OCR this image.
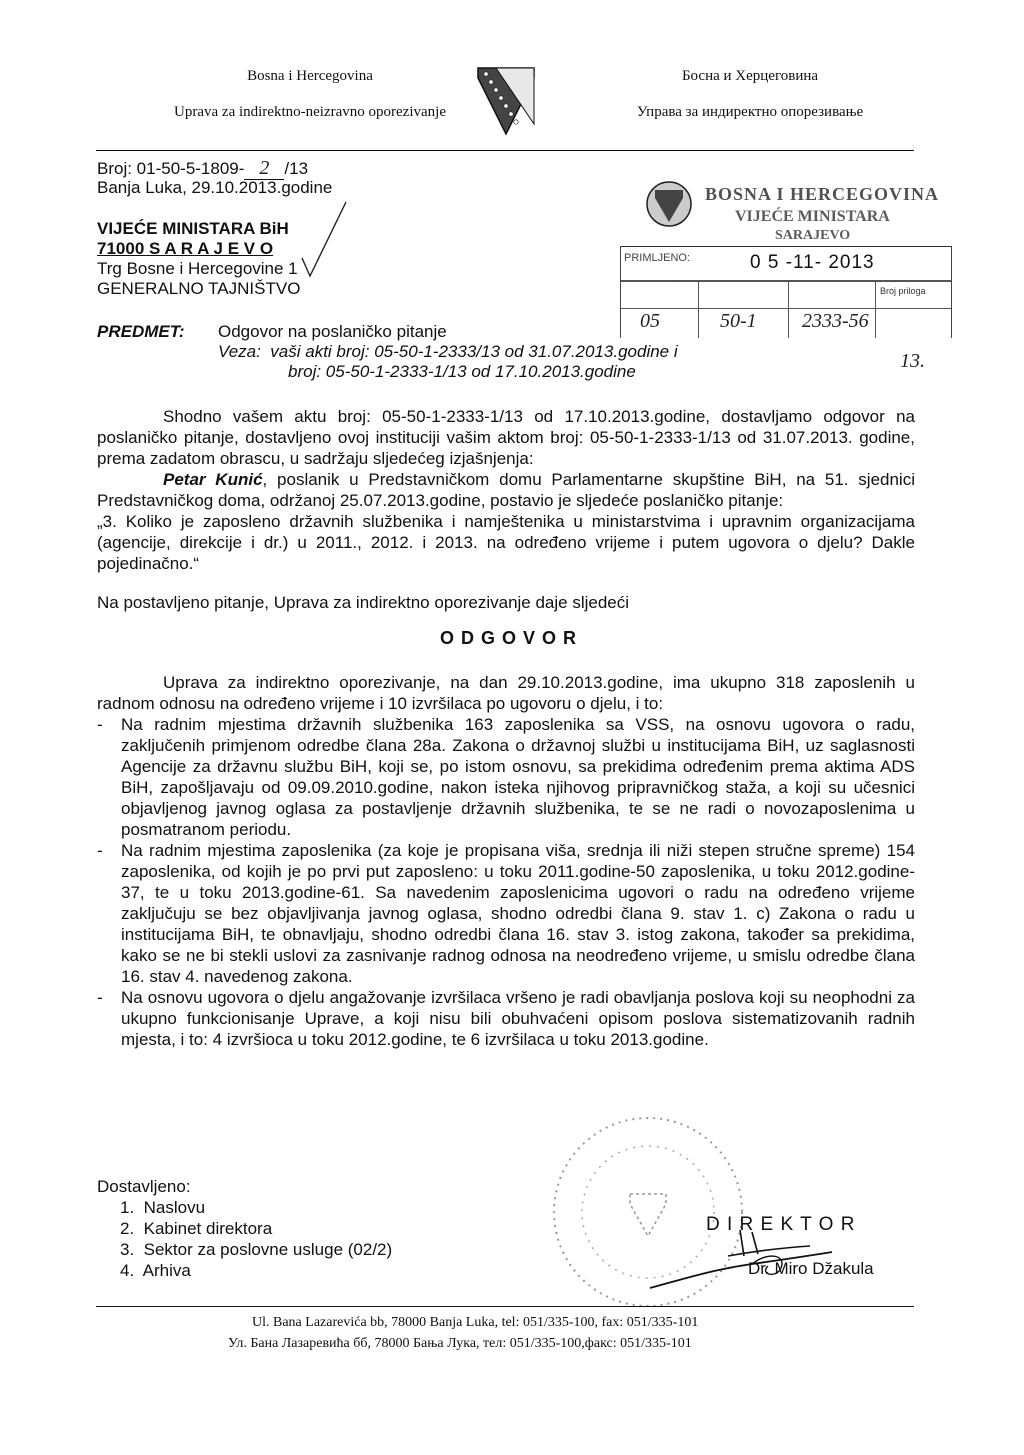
Bosna i Hercegovina
Uprava za indirektno-neizravno oporezivanje
Босна и Херцеговина
Управа за индиректно опорезивање
Broj: 01-50-5-1809- 2 /13
Banja Luka, 29.10.2013.godine
VIJEĆE MINISTARA BiH
71000 S A R A J E V O
Trg Bosne i Hercegovine 1
GENERALNO TAJNIŠTVO
BOSNA I HERCEGOVINA
VIJEĆE MINISTARA
SARAJEVO
PRIMLJENO:	0 5 -11- 2013
Broj priloga
05	50-1 2333-56
13.
PREDMET: Odgovor na poslaničko pitanje
Veza:  vaši akti broj: 05-50-1-2333/13 od 31.07.2013.godine i
broj: 05-50-1-2333-1/13 od 17.10.2013.godine
Shodno vašem aktu broj: 05-50-1-2333-1/13 od 17.10.2013.godine, dostavljamo odgovor na poslaničko pitanje, dostavljeno ovoj instituciji vašim aktom broj: 05-50-1-2333-1/13 od 31.07.2013. godine, prema zadatom obrascu, u sadržaju sljedećeg izjašnjenja:
Petar Kunić, poslanik u Predstavničkom domu Parlamentarne skupštine BiH, na 51. sjednici Predstavničkog doma, održanoj 25.07.2013.godine, postavio je sljedeće poslaničko pitanje:
„3. Koliko je zaposleno državnih službenika i namještenika u ministarstvima i upravnim organizacijama (agencije, direkcije i dr.) u 2011., 2012. i 2013. na određeno vrijeme i putem ugovora o djelu? Dakle pojedinačno.“
Na postavljeno pitanje, Uprava za indirektno oporezivanje daje sljedeći
O D G O V O R
Uprava za indirektno oporezivanje, na dan 29.10.2013.godine, ima ukupno 318 zaposlenih u radnom odnosu na određeno vrijeme i 10 izvršilaca po ugovoru o djelu, i to:
- Na radnim mjestima državnih službenika 163 zaposlenika sa VSS, na osnovu ugovora o radu, zaključenih primjenom odredbe člana 28a. Zakona o državnoj službi u institucijama BiH, uz saglasnosti Agencije za državnu službu BiH, koji se, po istom osnovu, sa prekidima određenim prema aktima ADS BiH, zapošljavaju od 09.09.2010.godine, nakon isteka njihovog pripravničkog staža, a koji su učesnici objavljenog javnog oglasa za postavljenje državnih službenika, te se ne radi o novozaposlenima u posmatranom periodu.
- Na radnim mjestima zaposlenika (za koje je propisana viša, srednja ili niži stepen stručne spreme) 154 zaposlenika, od kojih je po prvi put zaposleno: u toku 2011.godine-50 zaposlenika, u toku 2012.godine-37, te u toku 2013.godine-61. Sa navedenim zaposlenicima ugovori o radu na određeno vrijeme zaključuju se bez objavljivanja javnog oglasa, shodno odredbi člana 9. stav 1. c) Zakona o radu u institucijama BiH, te obnavljaju, shodno odredbi člana 16. stav 3. istog zakona, također sa prekidima, kako se ne bi stekli uslovi za zasnivanje radnog odnosa na neodređeno vrijeme, u smislu odredbe člana 16. stav 4. navedenog zakona.
- Na osnovu ugovora o djelu angažovanje izvršilaca vršeno je radi obavljanja poslova koji su neophodni za ukupno funkcionisanje Uprave, a koji nisu bili obuhvaćeni opisom poslova sistematizovanih radnih mjesta, i to: 4 izvršioca u toku 2012.godine, te 6 izvršilaca u toku 2013.godine.
Dostavljeno:
1.  Naslovu
2.  Kabinet direktora
3.  Sektor za poslovne usluge (02/2)
4.  Arhiva
D I R E K T O R
Dr. Miro Džakula
Ul. Bana Lazarevića bb, 78000 Banja Luka, tel: 051/335-100, fax: 051/335-101
Ул. Бана Лазаревића бб, 78000 Бања Лука, тел: 051/335-100,факс: 051/335-101
